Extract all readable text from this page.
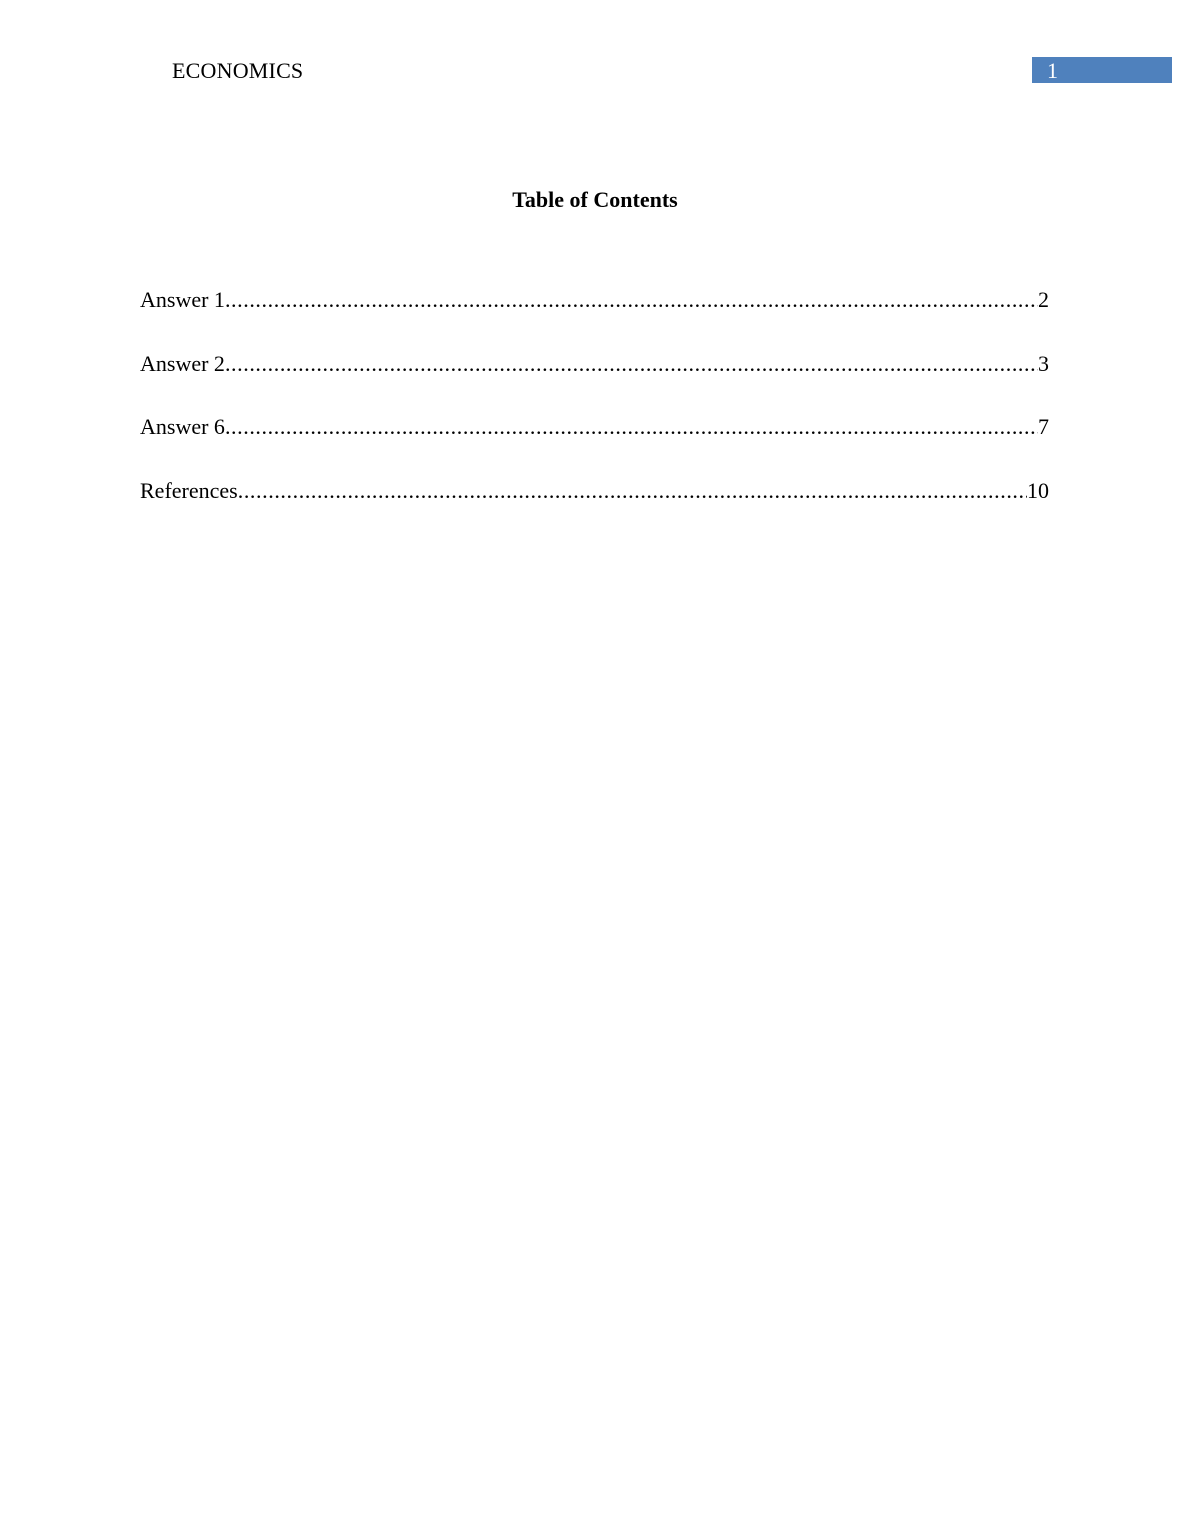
ECONOMICS	1
Table of Contents
Answer 1 .....	2
Answer 2 .....	3
Answer 6 .....	7
References .....	10
